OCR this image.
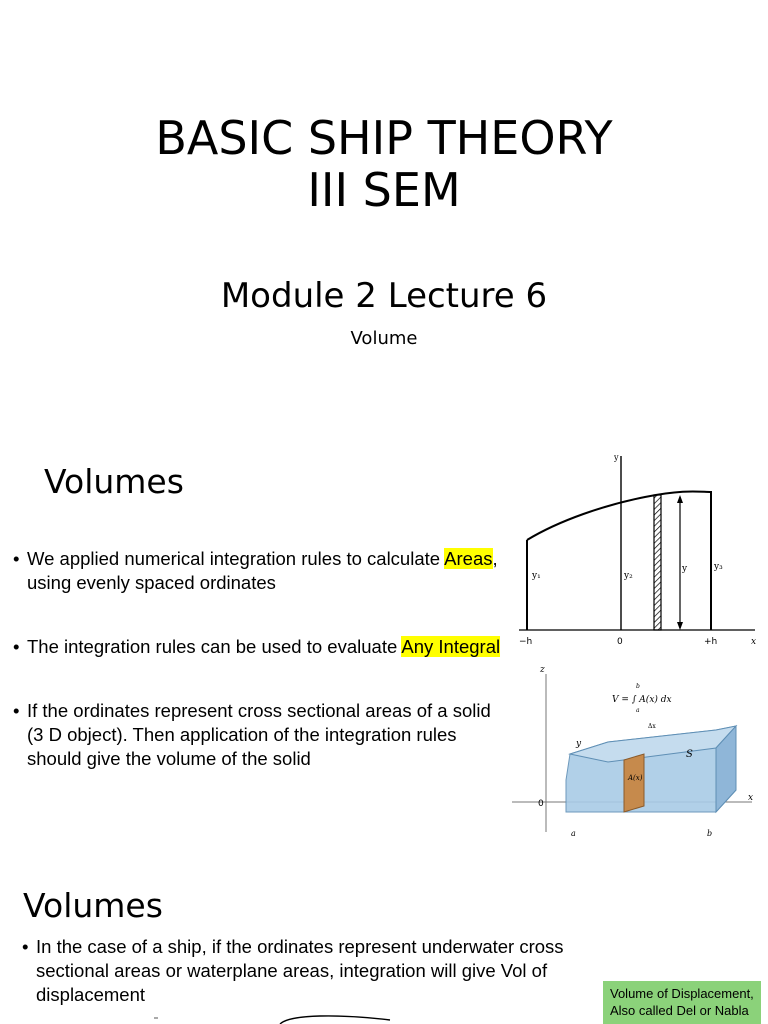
BASIC SHIP THEORY
III SEM
Module 2 Lecture 6
Volume
Volumes
• We applied numerical integration rules to calculate Areas, using evenly spaced ordinates
• The integration rules can be used to evaluate Any Integral
• If the ordinates represent cross sectional areas of a solid (3 D object). Then application of the integration rules should give the volume of the solid
y
y₁	y₂
y	y₃
−h	0	+h	x
z
y
x
0
V = ∫ A(x) dx
b
a
Δx
A(x)
S
a	b
Volumes
• In the case of a ship, if the ordinates represent underwater cross sectional areas or waterplane areas, integration will give Vol of displacement	Volume of Displacement,
Also called Del or Nabla
